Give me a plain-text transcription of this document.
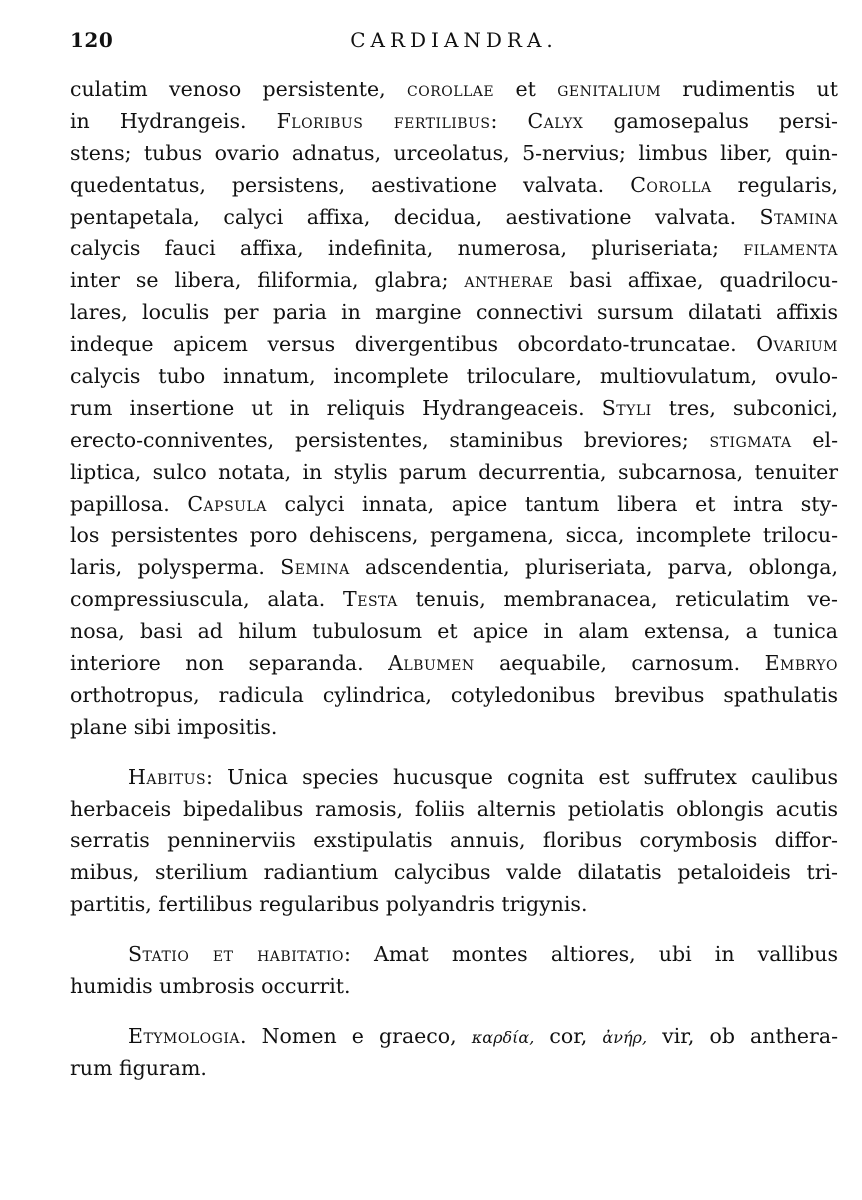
120	CARDIANDRA.
culatim venoso persistente, corollae et genitalium rudimentis ut
in Hydrangeis. Floribus fertilibus: Calyx gamosepalus persi-
stens; tubus ovario adnatus, urceolatus, 5-nervius; limbus liber, quin-
quedentatus, persistens, aestivatione valvata. Corolla regularis,
pentapetala, calyci affixa, decidua, aestivatione valvata. Stamina
calycis fauci affixa, indefinita, numerosa, pluriseriata; filamenta
inter se libera, filiformia, glabra; antherae basi affixae, quadrilocu-
lares, loculis per paria in margine connectivi sursum dilatati affixis
indeque apicem versus divergentibus obcordato-truncatae. Ovarium
calycis tubo innatum, incomplete triloculare, multiovulatum, ovulo-
rum insertione ut in reliquis Hydrangeaceis. Styli tres, subconici,
erecto-conniventes, persistentes, staminibus breviores; stigmata el-
liptica, sulco notata, in stylis parum decurrentia, subcarnosa, tenuiter
papillosa. Capsula calyci innata, apice tantum libera et intra sty-
los persistentes poro dehiscens, pergamena, sicca, incomplete trilocu-
laris, polysperma. Semina adscendentia, pluriseriata, parva, oblonga,
compressiuscula, alata. Testa tenuis, membranacea, reticulatim ve-
nosa, basi ad hilum tubulosum et apice in alam extensa, a tunica
interiore non separanda. Albumen aequabile, carnosum. Embryo
orthotropus, radicula cylindrica, cotyledonibus brevibus spathulatis
plane sibi impositis.
Habitus: Unica species hucusque cognita est suffrutex caulibus
herbaceis bipedalibus ramosis, foliis alternis petiolatis oblongis acutis
serratis penninerviis exstipulatis annuis, floribus corymbosis diffor-
mibus, sterilium radiantium calycibus valde dilatatis petaloideis tri-
partitis, fertilibus regularibus polyandris trigynis.
Statio et habitatio: Amat montes altiores, ubi in vallibus
humidis umbrosis occurrit.
Etymologia. Nomen e graeco, καρδία, cor, ἀνήρ, vir, ob anthera-
rum figuram.
